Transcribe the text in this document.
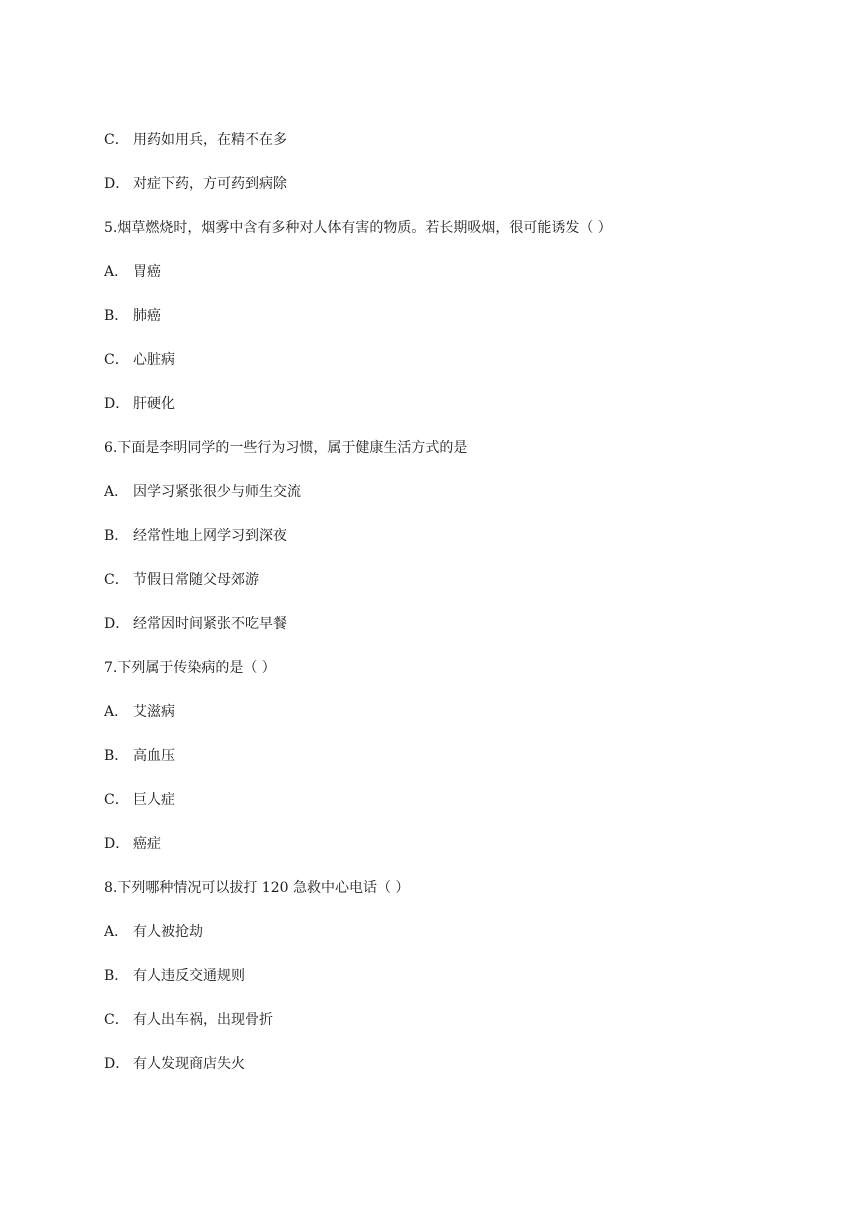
C． 用药如用兵，在精不在多
D． 对症下药，方可药到病除
5.烟草燃烧时，烟雾中含有多种对人体有害的物质。若长期吸烟，很可能诱发（ ）
A． 胃癌
B． 肺癌
C． 心脏病
D． 肝硬化
6.下面是李明同学的一些行为习惯，属于健康生活方式的是
A． 因学习紧张很少与师生交流
B． 经常性地上网学习到深夜
C． 节假日常随父母郊游
D． 经常因时间紧张不吃早餐
7.下列属于传染病的是（ ）
A． 艾滋病
B． 高血压
C． 巨人症
D． 癌症
8.下列哪种情况可以拔打 120 急救中心电话（ ）
A． 有人被抢劫
B． 有人违反交通规则
C． 有人出车祸，出现骨折
D． 有人发现商店失火
